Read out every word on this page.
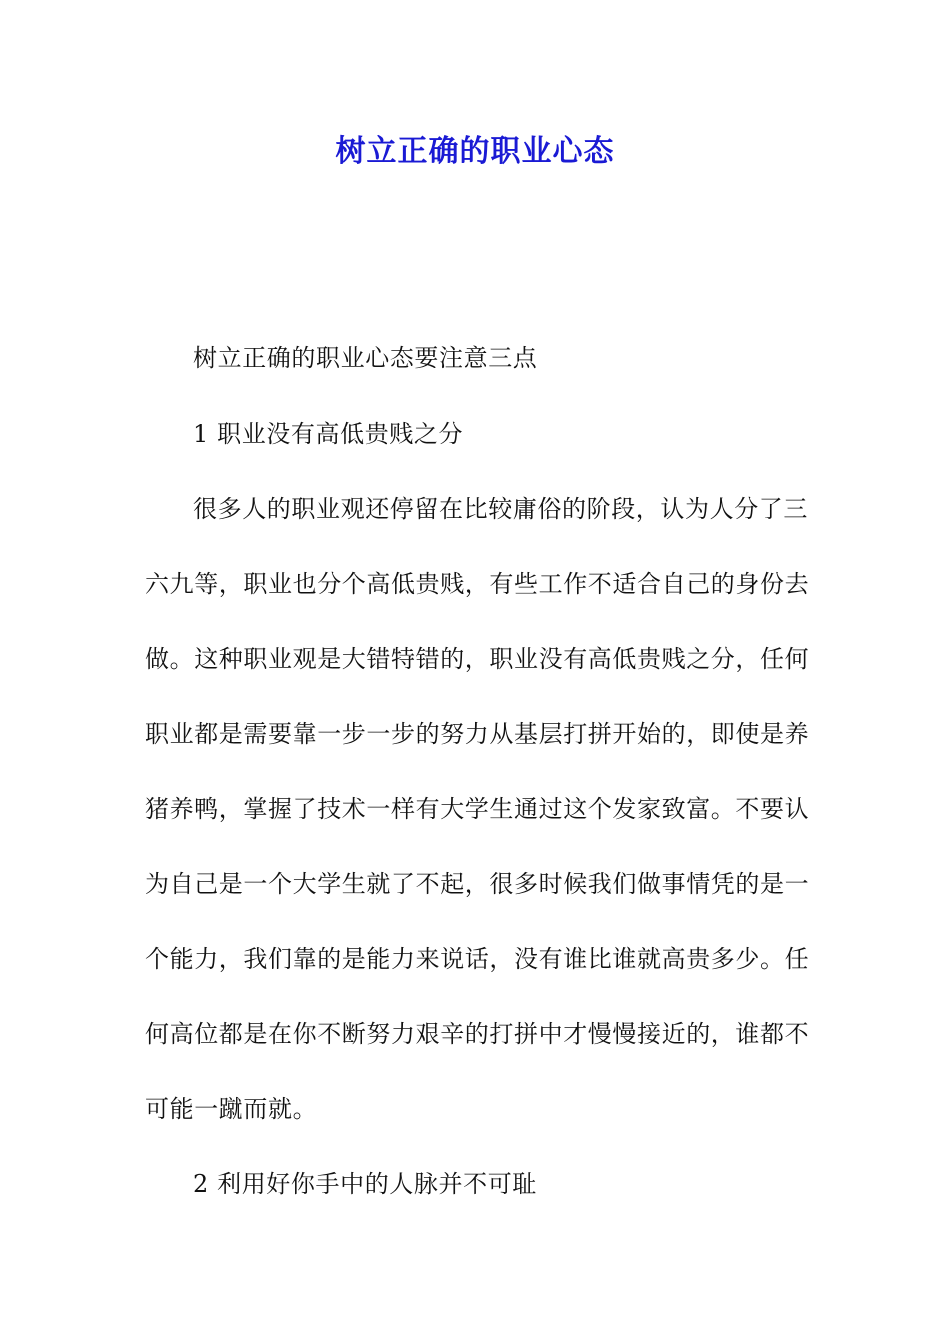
树立正确的职业心态
树立正确的职业心态要注意三点
1 职业没有高低贵贱之分
很多人的职业观还停留在比较庸俗的阶段，认为人分了三
六九等，职业也分个高低贵贱，有些工作不适合自己的身份去
做。这种职业观是大错特错的，职业没有高低贵贱之分，任何
职业都是需要靠一步一步的努力从基层打拼开始的，即使是养
猪养鸭，掌握了技术一样有大学生通过这个发家致富。不要认
为自己是一个大学生就了不起，很多时候我们做事情凭的是一
个能力，我们靠的是能力来说话，没有谁比谁就高贵多少。任
何高位都是在你不断努力艰辛的打拼中才慢慢接近的，谁都不
可能一蹴而就。
2 利用好你手中的人脉并不可耻
